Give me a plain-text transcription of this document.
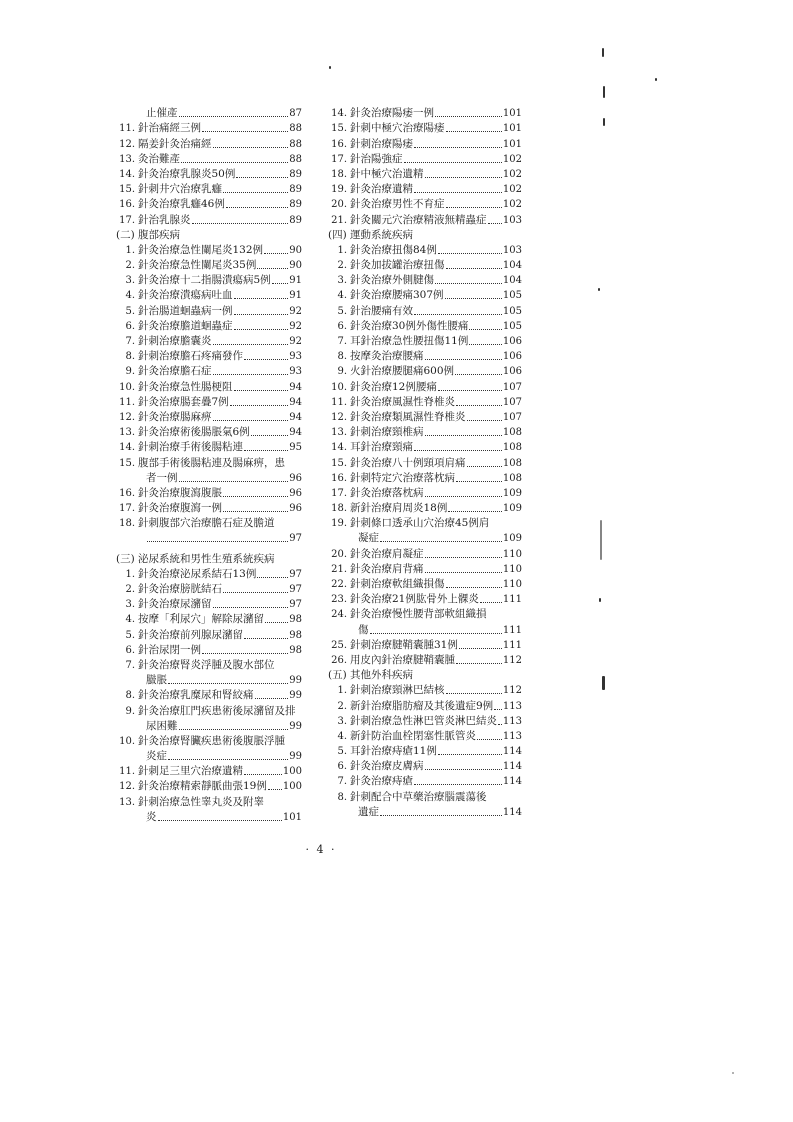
止催產	87
11. 針治痛經三例	88
12. 隔姜針灸治痛經	88
13. 灸治難產	88
14. 針灸治療乳腺炎50例	89
15. 針刺井穴治療乳癰	89
16. 針灸治療乳癰46例	89
17. 針治乳腺炎	89
(二) 腹部疾病
1. 針灸治療急性闌尾炎132例	90
2. 針灸治療急性闌尾炎35例	90
3. 針灸治療十二指腸潰瘍病5例 91
4. 針灸治療潰瘍病吐血	91
5. 針治腸道蛔蟲病一例	92
6. 針灸治療膽道蛔蟲症	92
7. 針刺治療膽囊炎	92
8. 針刺治療膽石疼痛發作	93
9. 針灸治療膽石症	93
10. 針灸治療急性腸梗阻	94
11. 針灸治療腸套疊7例	94
12. 針灸治療腸麻痹	94
13. 針灸治療術後腸脹氣6例	94
14. 針刺治療手術後腸粘連	95
15. 腹部手術後腸粘連及腸麻痹，患
者一例	96
16. 針灸治療腹瀉腹脹	96
17. 針灸治療腹瀉一例	96
18. 針刺腹部穴治療膽石症及膽道
97
(三) 泌尿系統和男性生殖系統疾病
1. 針灸治療泌尿系結石13例	97
2. 針灸治療膀胱結石	97
3. 針灸治療尿瀦留	97
4. 按摩「利尿穴」解除尿瀦留	98
5. 針灸治療前列腺尿瀦留	98
6. 針治尿閉一例	98
7. 針灸治療腎炎浮腫及腹水部位
臌脹	99
8. 針灸治療乳糜尿和腎絞痛	99
9. 針灸治療肛門疾患術後尿瀦留及排
尿困難	99
10. 針灸治療腎臟疾患術後腹脹浮腫
炎症	99
11. 針刺足三里穴治療遺精	100
12. 針灸治療精索靜脈曲張19例 100
13. 針刺治療急性睾丸炎及附睾
炎	101
14. 針灸治療陽痿一例	101
15. 針刺中極穴治療陽痿	101
16. 針刺治療陽痿	101
17. 針治陽強症	102
18. 針中極穴治遺精	102
19. 針灸治療遺精	102
20. 針灸治療男性不育症	102
21. 針灸關元穴治療精液無精蟲症 103
(四) 運動系統疾病
1. 針灸治療扭傷84例	103
2. 針灸加拔罐治療扭傷	104
3. 針灸治療外側腱傷	104
4. 針灸治療腰痛307例	105
5. 針治腰痛有效	105
6. 針灸治療30例外傷性腰痛	105
7. 耳針治療急性腰扭傷11例	106
8. 按摩灸治療腰痛	106
9. 火針治療腰腿痛600例	106
10. 針灸治療12例腰痛	107
11. 針灸治療風濕性脊椎炎	107
12. 針灸治療類風濕性脊椎炎	107
13. 針刺治療頸椎病	108
14. 耳針治療頸痛	108
15. 針灸治療八十例頸項肩痛	108
16. 針刺特定穴治療落枕病	108
17. 針灸治療落枕病	109
18. 新針治療肩周炎18例	109
19. 針刺條口透承山穴治療45例肩
凝症	109
20. 針灸治療肩凝症	110
21. 針灸治療肩背痛	110
22. 針刺治療軟組織損傷	110
23. 針灸治療21例肱骨外上髁炎 111
24. 針灸治療慢性腰背部軟組織損
傷	111
25. 針刺治療腱鞘囊腫31例	111
26. 用皮內針治療腱鞘囊腫	112
(五) 其他外科疾病
1. 針刺治療頸淋巴結核	112
2. 新針治療脂肪瘤及其後遺症9例 113
3. 針刺治療急性淋巴管炎淋巴結炎 113
4. 新針防治血栓閉塞性脈管炎	113
5. 耳針治療痔瘡11例	114
6. 針灸治療皮膚病	114
7. 針灸治療痔瘡	114
8. 針刺配合中草藥治療腦震蕩後
遺症	114
· 4 ·
